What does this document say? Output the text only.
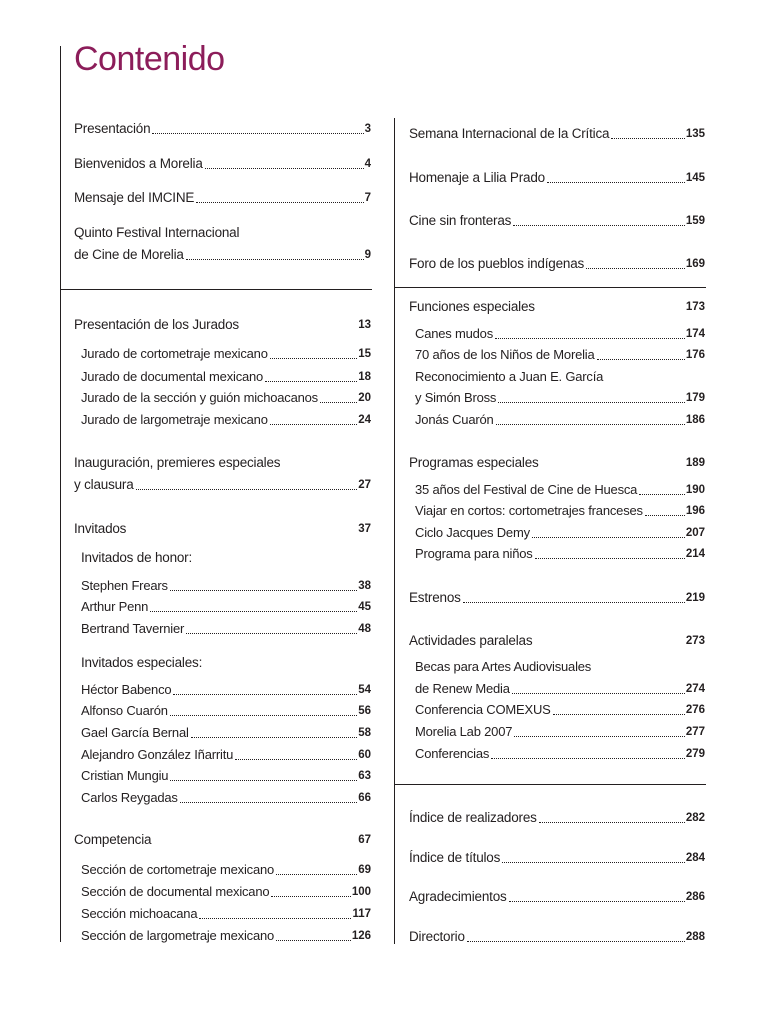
Contenido
Presentación	3
Bienvenidos a Morelia	4
Mensaje del IMCINE	7
Quinto Festival Internacional
de Cine de Morelia	9
Presentación de los Jurados	13
Jurado de cortometraje mexicano	15
Jurado de documental mexicano	18
Jurado de la sección y guión michoacanos	20
Jurado de largometraje mexicano	24
Inauguración, premieres especiales
y clausura	27
Invitados	37
Invitados de honor:
Stephen Frears	38
Arthur Penn	45
Bertrand Tavernier	48
Invitados especiales:
Héctor Babenco	54
Alfonso Cuarón	56
Gael García Bernal	58
Alejandro González Iñarritu	60
Cristian Mungiu	63
Carlos Reygadas	66
Competencia	67
Sección de cortometraje mexicano	69
Sección de documental mexicano	100
Sección michoacana	117
Sección de largometraje mexicano	126
Semana Internacional de la Crítica	135
Homenaje a Lilia Prado	145
Cine sin fronteras	159
Foro de los pueblos indígenas	169
Funciones especiales	173
Canes mudos	174
70 años de los Niños de Morelia	176
Reconocimiento a Juan E. García
y Simón Bross	179
Jonás Cuarón	186
Programas especiales	189
35 años del Festival de Cine de Huesca	190
Viajar en cortos: cortometrajes franceses	196
Ciclo Jacques Demy	207
Programa para niños	214
Estrenos	219
Actividades paralelas	273
Becas para Artes Audiovisuales
de Renew Media	274
Conferencia COMEXUS	276
Morelia Lab 2007	277
Conferencias	279
Índice de realizadores	282
Índice de títulos	284
Agradecimientos	286
Directorio	288
